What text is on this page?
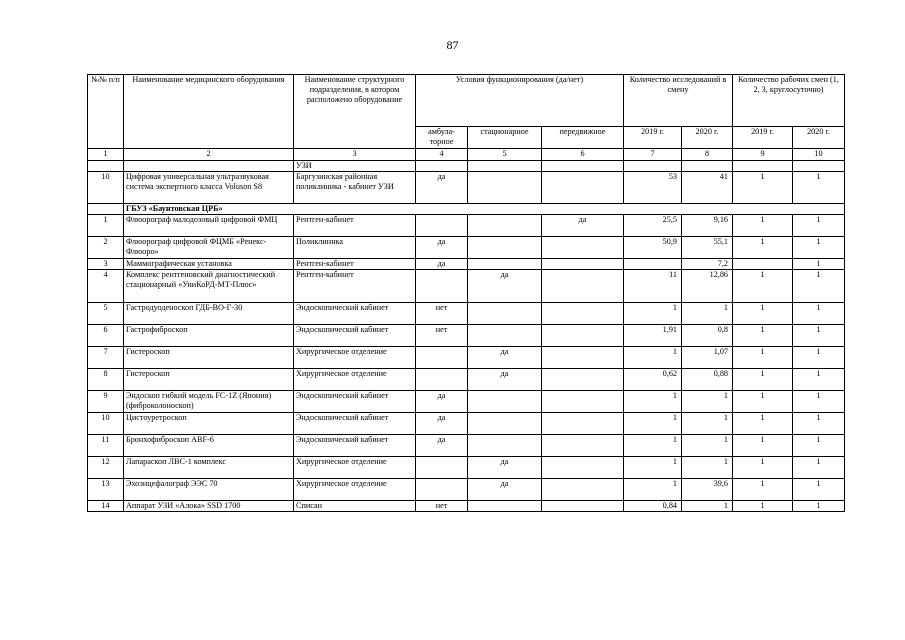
87
№№ п/п	Наименование медицинского оборудования	Наименование структурного подразделения, в котором расположено оборудование	Условия функционирования (да/нет)			Количество исследований в смену		Количество рабочих смен (1, 2, 3, круглосуточно)	
			амбула-торное	стационарное	передвижное	2019 г.	2020 г.	2019 г.	2020 г.
1	2	3	4	5	6	7	8	9	10
		УЗИ							
10	Цифровая универсальная ультразвуковая система экспертного класса Voluson S8	Баргузинская районная поликлиника - кабинет УЗИ	да			53	41	1	1
	ГБУЗ «Баунтовская ЦРБ»								
1	Флюорограф малодозовый цифровой ФМЦ	Рентген-кабинет			да	25,5	9,16	1	1
2	Флюорограф цифровой ФЦМБ «Ренекс-Флюоро»	Поликлиника	да			50,9	55,1	1	1
3	Маммографическая установка	Рентген-кабинет	да				7,2		1
4	Комплекс рентгеновский диагностический стационарный «УниКоРД-МТ-Плюс»	Рентген-кабинет		да		11	12,86	1	1
5	Гастродуоденоскоп ГДБ-ВО-Г-30	Эндоскопический кабинет	нет			1	1	1	1
6	Гастрофиброскоп	Эндоскопический кабинет	нет			1,91	0,8	1	1
7	Гистероскоп	Хирургическое отделение		да		1	1,07	1	1
8	Гистероскоп	Хирургическое отделение		да		0,62	0,88	1	1
9	Эндоскоп гибкий модель FC-1Z (Япония) (фиброколоноскоп)	Эндоскопический кабинет	да			1	1	1	1
10	Цистоуретроскоп	Эндоскопический кабинет	да			1	1	1	1
11	Бронхофиброскоп ABF-6	Эндоскопический кабинет	да			1	1	1	1
12	Лапараскоп ЛВС-1 комплекс	Хирургическое отделение		да		1	1	1	1
13	Эхоэнцефалограф ЭЭС 70	Хирургическое отделение		да		1	39,6	1	1
14	Аппарат УЗИ «Алока» SSD 1700	Списан	нет			0,84	1	1	1
